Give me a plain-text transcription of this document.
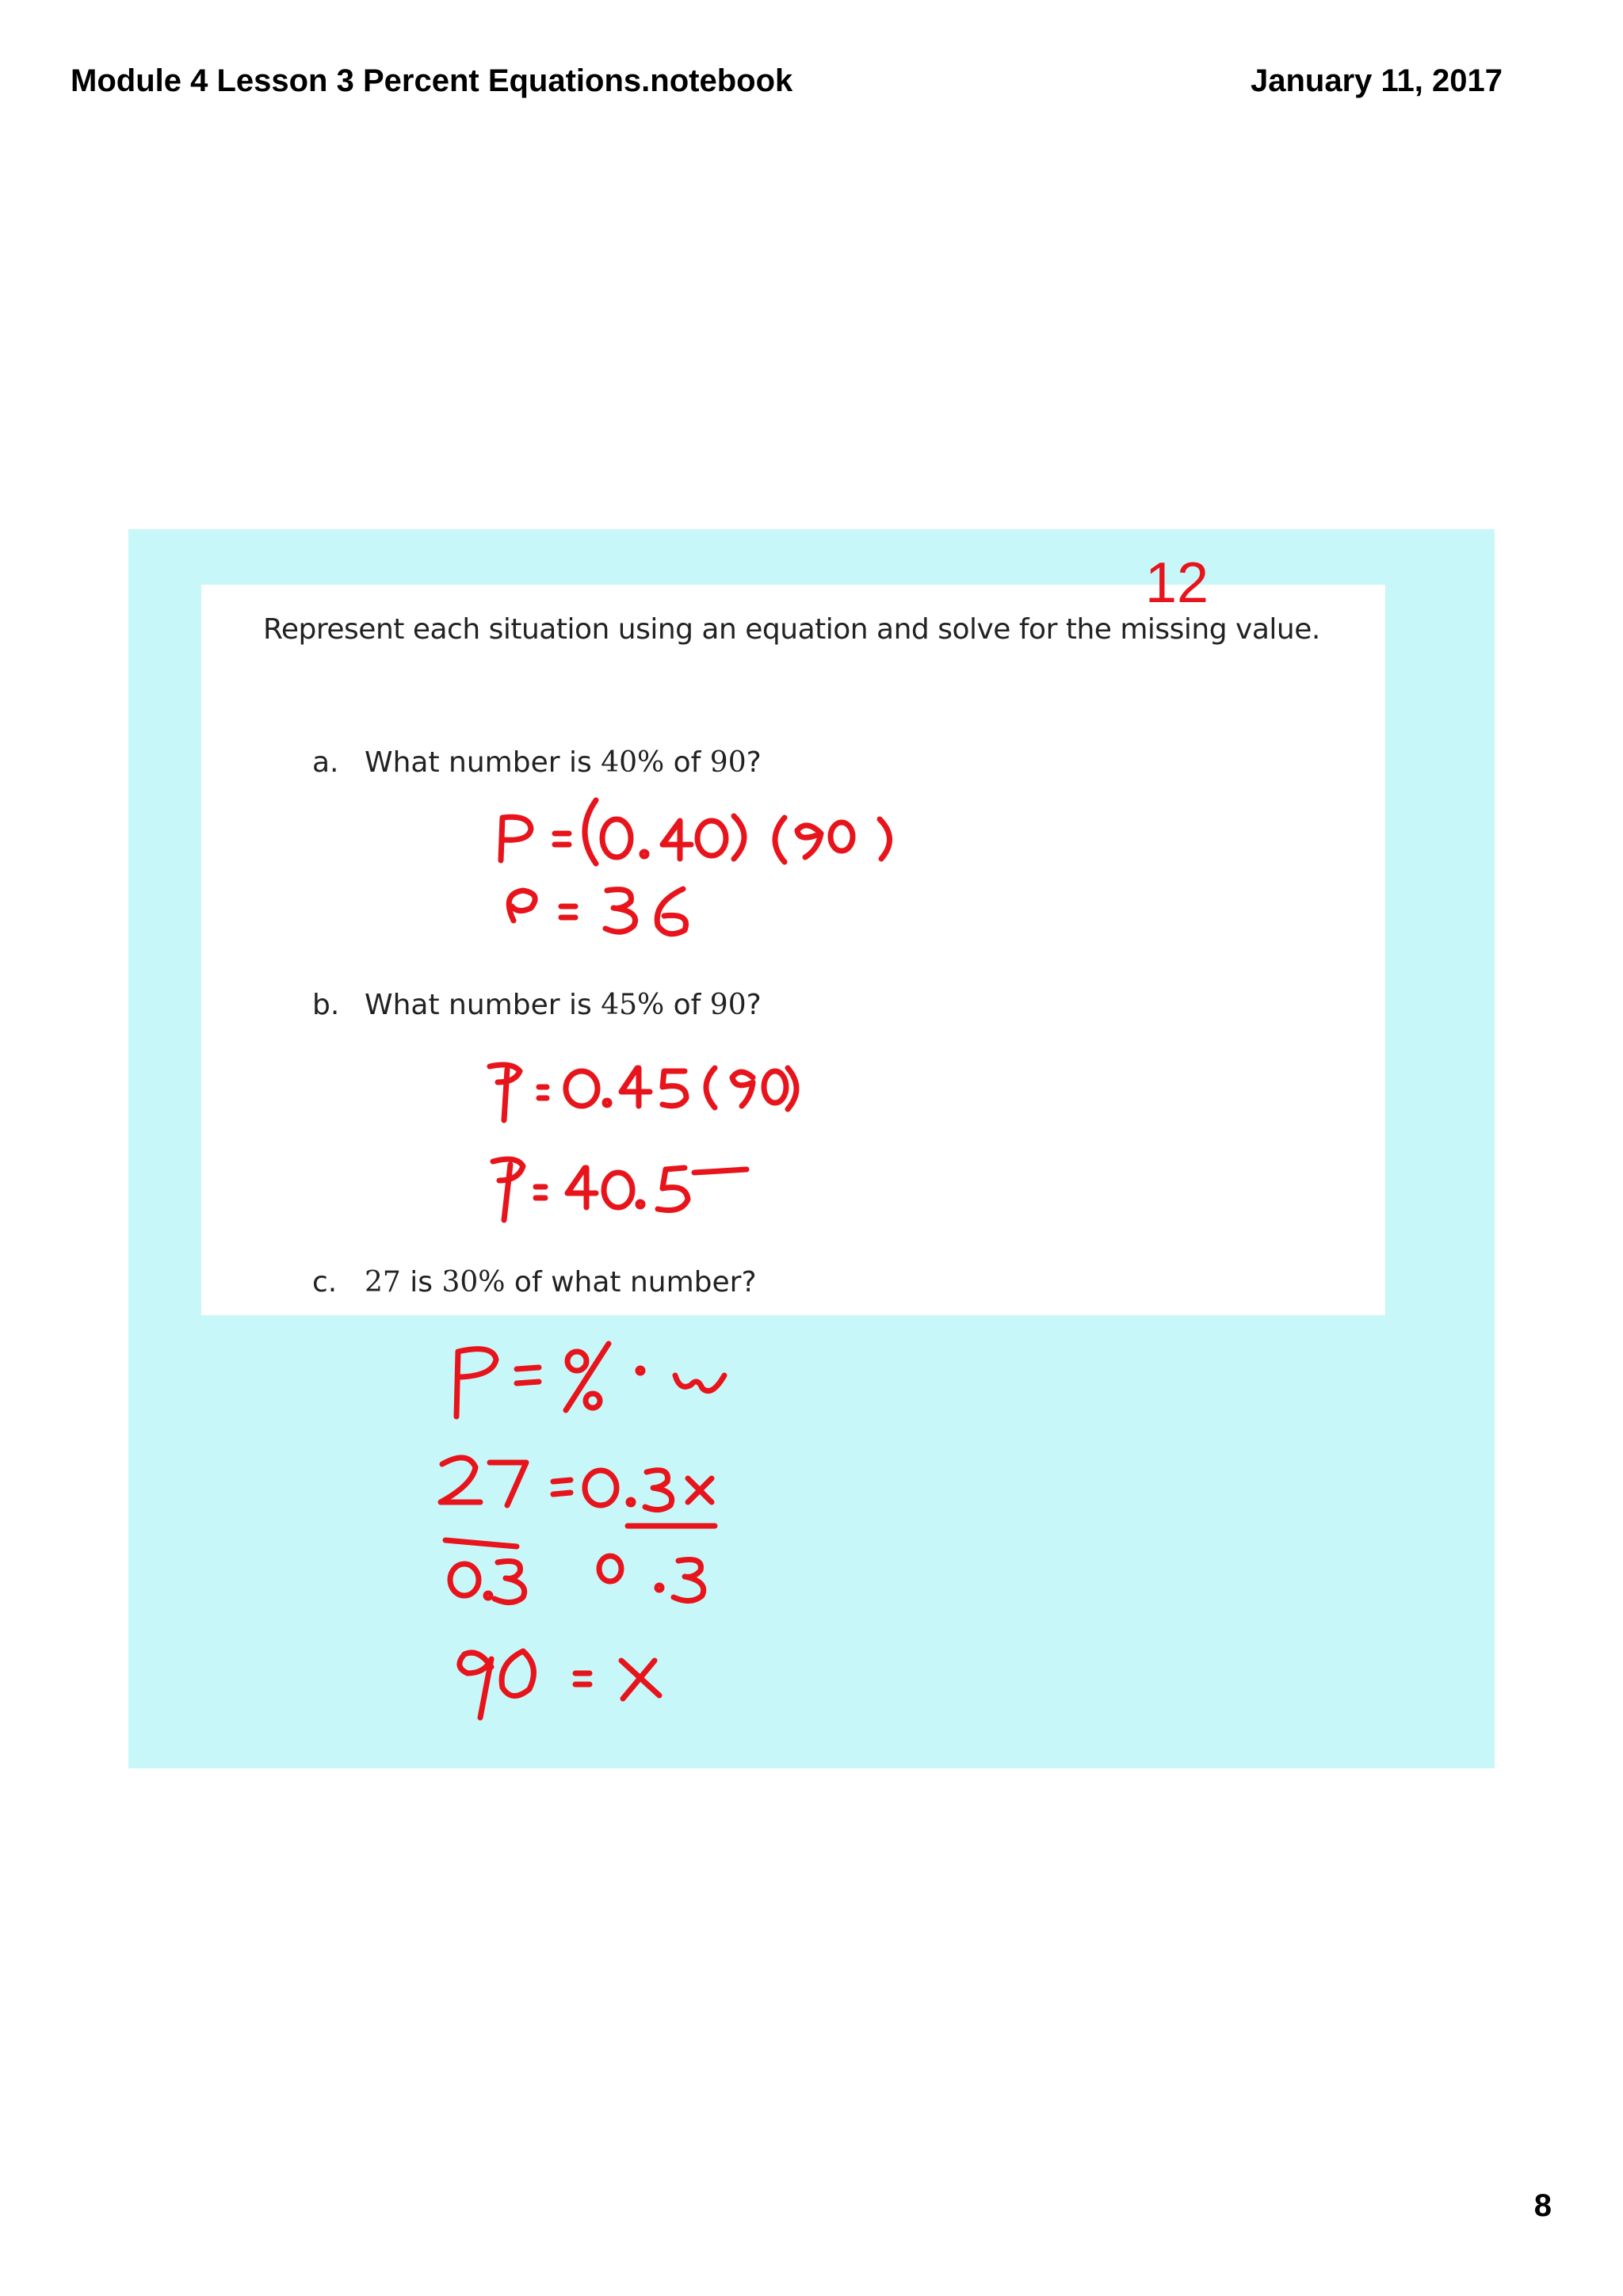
Module 4 Lesson 3 Percent Equations.notebook	January 11, 2017
Represent each situation using an equation and solve for the missing value.
a. What number is 40% of 90?
b. What number is 45% of 90?
c. 27 is 30% of what number?
12
8
